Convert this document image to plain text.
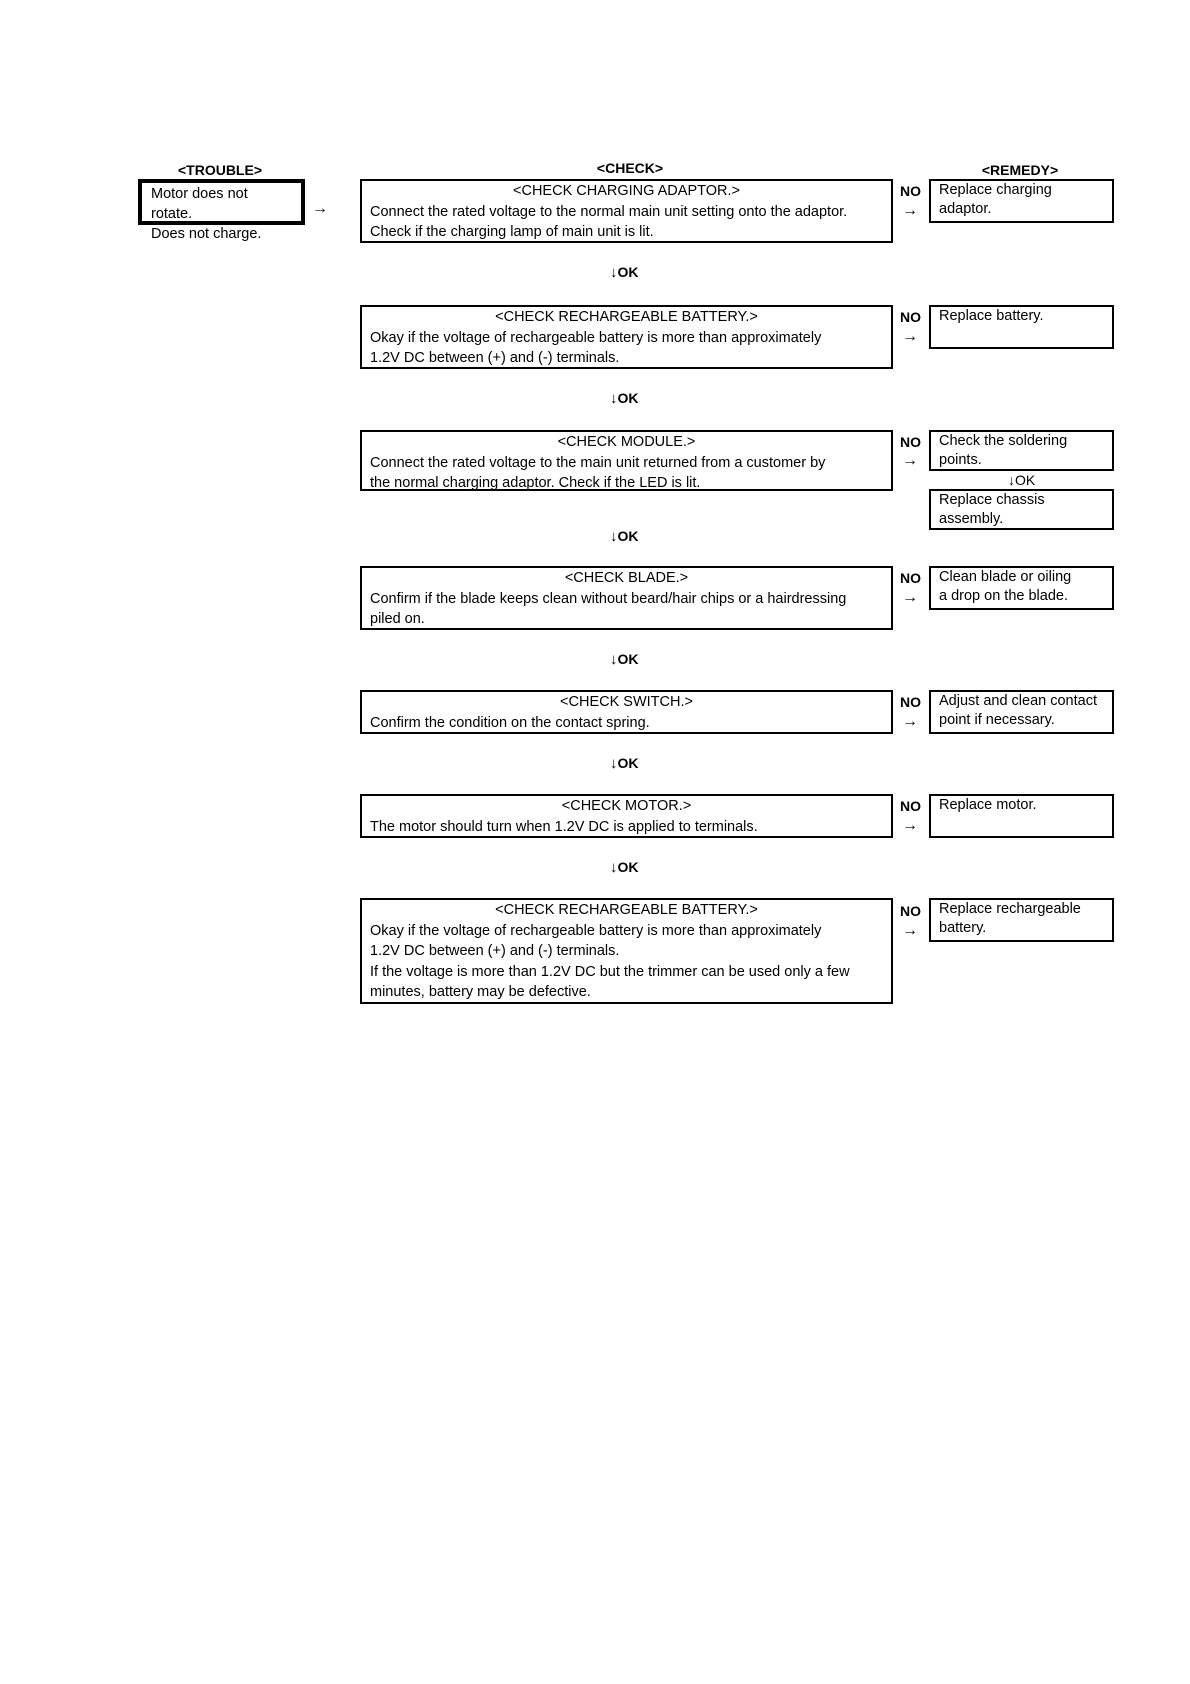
<TROUBLE>	<CHECK>	<REMEDY>
Motor does not rotate.
Does not charge.
→
<CHECK CHARGING ADAPTOR.>
Connect the rated voltage to the normal main unit setting onto the adaptor.
Check if the charging lamp of main unit is lit.
NO
→
Replace charging
adaptor.
↓OK
<CHECK RECHARGEABLE BATTERY.>
Okay if the voltage of rechargeable battery is more than approximately
1.2V DC between (+) and (-) terminals.
NO
→
Replace battery.
↓OK
<CHECK MODULE.>
Connect the rated voltage to the main unit returned from a customer by
the normal charging adaptor. Check if the LED is lit.
NO
→
Check the soldering
points.
↓OK
Replace chassis
assembly.
↓OK
<CHECK BLADE.>
Confirm if the blade keeps clean without beard/hair chips or a hairdressing
piled on.
NO
→
Clean blade or oiling
a drop on the blade.
↓OK
<CHECK SWITCH.>
Confirm the condition on the contact spring.
NO
→
Adjust and clean contact
point if necessary.
↓OK
<CHECK MOTOR.>
The motor should turn when 1.2V DC is applied to terminals.
NO
→
Replace motor.
↓OK
<CHECK RECHARGEABLE BATTERY.>
Okay if the voltage of rechargeable battery is more than approximately
1.2V DC between (+) and (-) terminals.
If the voltage is more than 1.2V DC but the trimmer can be used only a few
minutes, battery may be defective.
NO
→
Replace rechargeable
battery.
